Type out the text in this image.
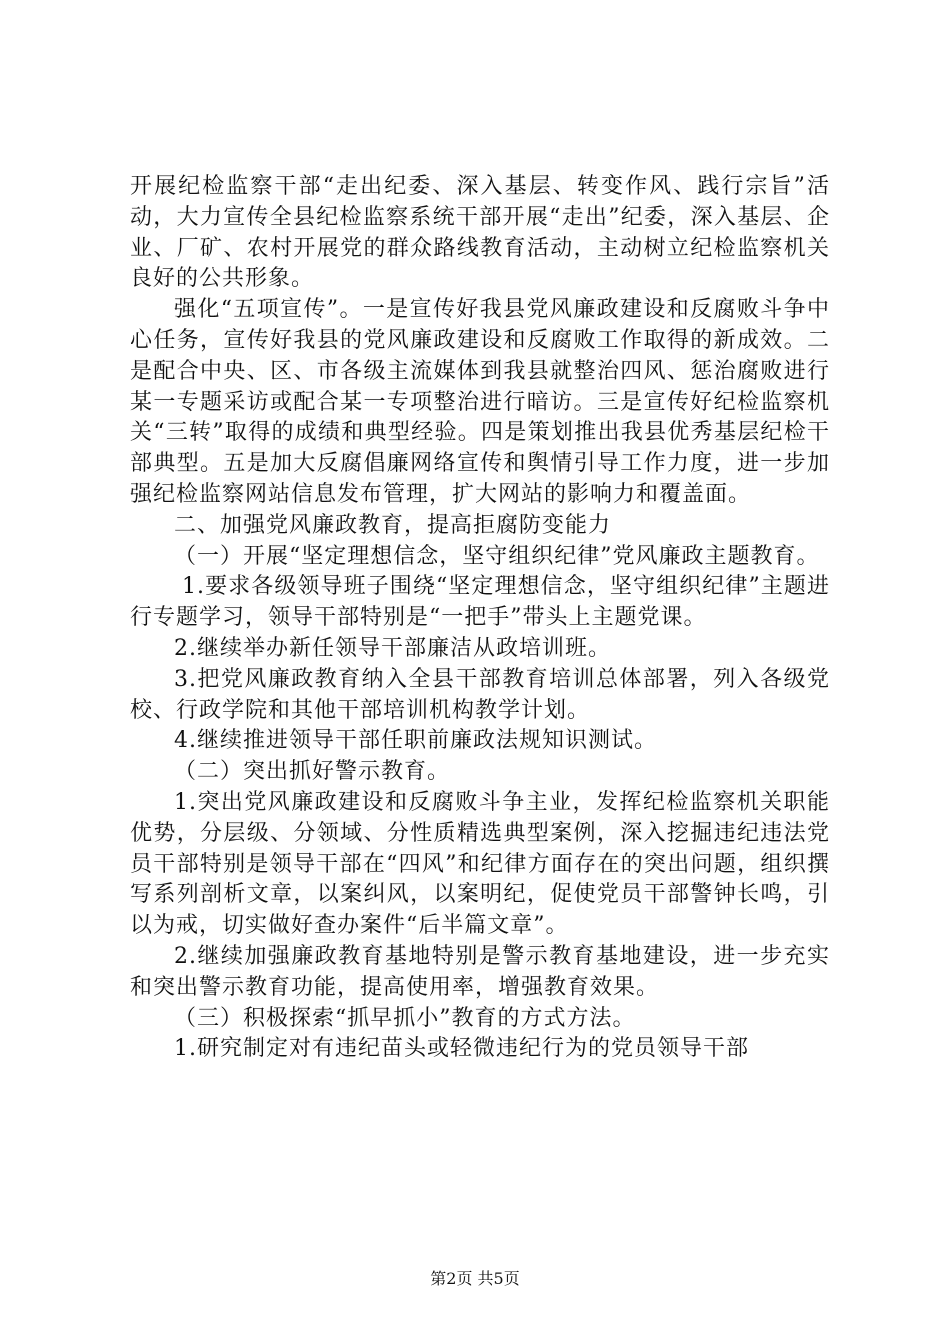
开展纪检监察干部“走出纪委、深入基层、转变作风、践行宗旨”活动，大力宣传全县纪检监察系统干部开展“走出”纪委，深入基层、企业、厂矿、农村开展党的群众路线教育活动，主动树立纪检监察机关良好的公共形象。

强化“五项宣传”。一是宣传好我县党风廉政建设和反腐败斗争中心任务，宣传好我县的党风廉政建设和反腐败工作取得的新成效。二是配合中央、区、市各级主流媒体到我县就整治四风、惩治腐败进行某一专题采访或配合某一专项整治进行暗访。三是宣传好纪检监察机关“三转”取得的成绩和典型经验。四是策划推出我县优秀基层纪检干部典型。五是加大反腐倡廉网络宣传和舆情引导工作力度，进一步加强纪检监察网站信息发布管理，扩大网站的影响力和覆盖面。

二、加强党风廉政教育，提高拒腐防变能力

（一）开展“坚定理想信念，坚守组织纪律”党风廉政主题教育。

1.要求各级领导班子围绕“坚定理想信念，坚守组织纪律”主题进行专题学习，领导干部特别是“一把手”带头上主题党课。

2.继续举办新任领导干部廉洁从政培训班。

3.把党风廉政教育纳入全县干部教育培训总体部署，列入各级党校、行政学院和其他干部培训机构教学计划。

4.继续推进领导干部任职前廉政法规知识测试。

（二）突出抓好警示教育。

1.突出党风廉政建设和反腐败斗争主业，发挥纪检监察机关职能优势，分层级、分领域、分性质精选典型案例，深入挖掘违纪违法党员干部特别是领导干部在“四风”和纪律方面存在的突出问题，组织撰写系列剖析文章，以案纠风，以案明纪，促使党员干部警钟长鸣，引以为戒，切实做好查办案件“后半篇文章”。

2.继续加强廉政教育基地特别是警示教育基地建设，进一步充实和突出警示教育功能，提高使用率，增强教育效果。

（三）积极探索“抓早抓小”教育的方式方法。

1.研究制定对有违纪苗头或轻微违纪行为的党员领导干部

第2页 共5页
